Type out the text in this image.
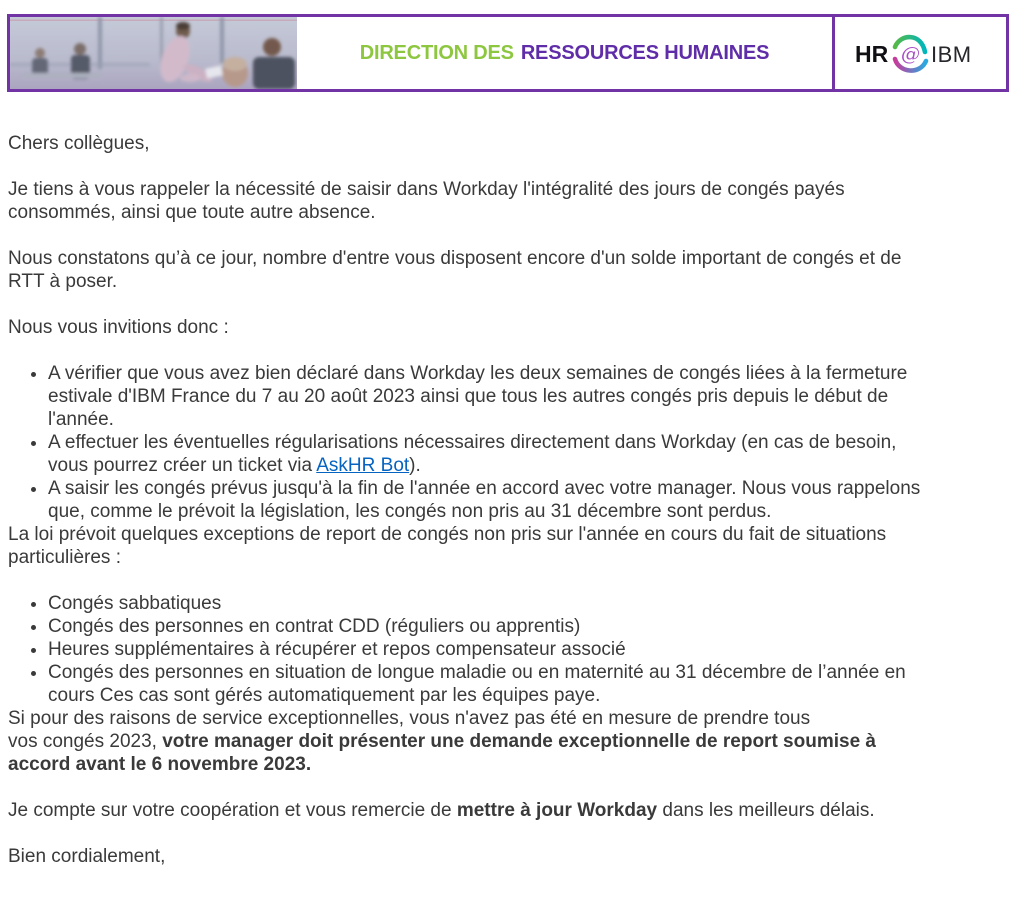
DIRECTION DES RESSOURCES HUMAINES	HR @ IBM

Chers collègues,

Je tiens à vous rappeler la nécessité de saisir dans Workday l'intégralité des jours de congés payés
consommés, ainsi que toute autre absence.

Nous constatons qu’à ce jour, nombre d'entre vous disposent encore d'un solde important de congés et de
RTT à poser.

Nous vous invitions donc :

• A vérifier que vous avez bien déclaré dans Workday les deux semaines de congés liées à la fermeture
estivale d'IBM France du 7 au 20 août 2023 ainsi que tous les autres congés pris depuis le début de
l'année.
• A effectuer les éventuelles régularisations nécessaires directement dans Workday (en cas de besoin,
vous pourrez créer un ticket via AskHR Bot).
• A saisir les congés prévus jusqu'à la fin de l'année en accord avec votre manager. Nous vous rappelons
que, comme le prévoit la législation, les congés non pris au 31 décembre sont perdus.

La loi prévoit quelques exceptions de report de congés non pris sur l'année en cours du fait de situations
particulières :

• Congés sabbatiques
• Congés des personnes en contrat CDD (réguliers ou apprentis)
• Heures supplémentaires à récupérer et repos compensateur associé
• Congés des personnes en situation de longue maladie ou en maternité au 31 décembre de l’année en
cours Ces cas sont gérés automatiquement par les équipes paye.

Si pour des raisons de service exceptionnelles, vous n'avez pas été en mesure de prendre tous
vos congés 2023, votre manager doit présenter une demande exceptionnelle de report soumise à
accord avant le 6 novembre 2023.

Je compte sur votre coopération et vous remercie de mettre à jour Workday dans les meilleurs délais.

Bien cordialement,
